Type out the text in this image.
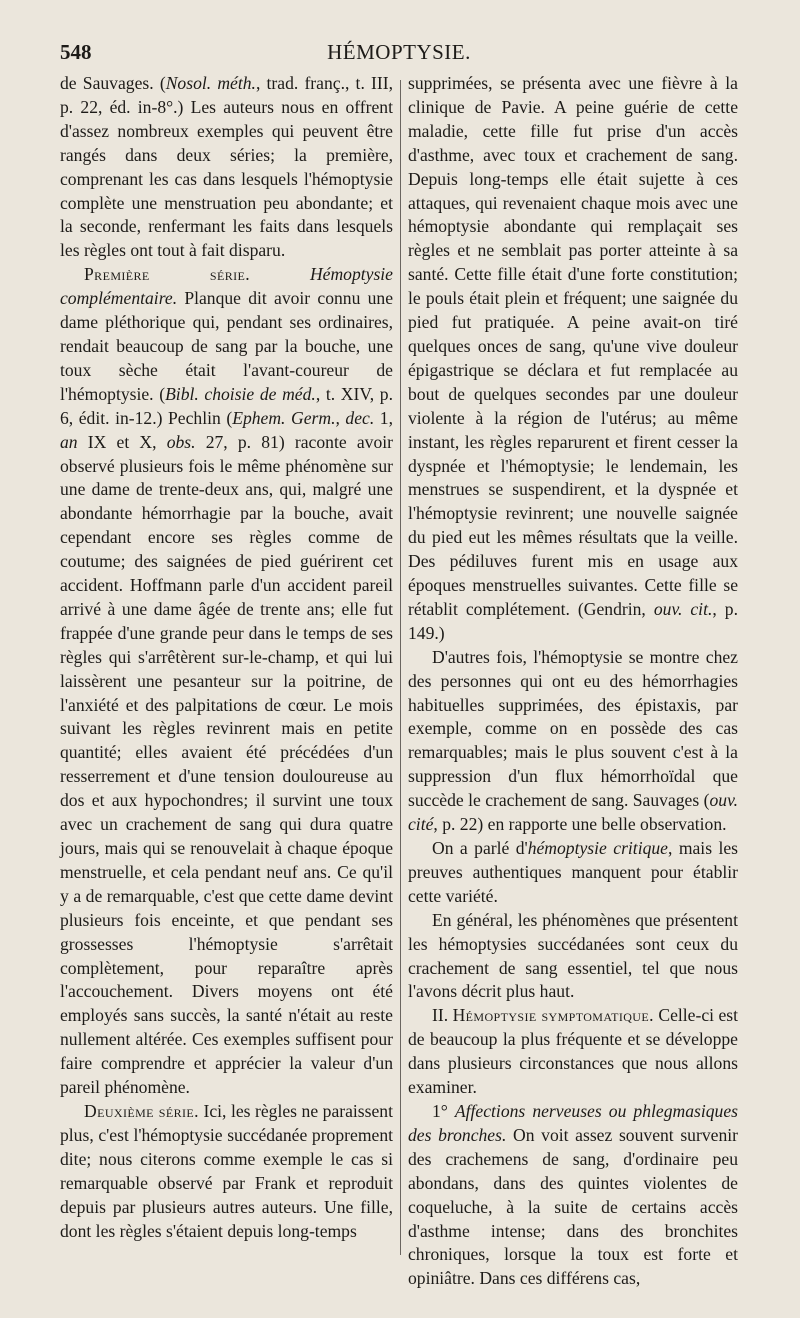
548	HÉMOPTYSIE.

de Sauvages. (Nosol. méth., trad. franç., t. III, p. 22, éd. in-8°.) Les auteurs nous en offrent d'assez nombreux exemples qui peuvent être rangés dans deux séries; la première, comprenant les cas dans lesquels l'hémoptysie complète une menstruation peu abondante; et la seconde, renfermant les faits dans lesquels les règles ont tout à fait disparu.

Première série.	Hémoptysie complémentaire. Planque dit avoir connu une dame pléthorique qui, pendant ses ordinaires, rendait beaucoup de sang par la bouche, une toux sèche était l'avant-coureur de l'hémoptysie. (Bibl. choisie de méd., t. XIV, p. 6, édit. in-12.) Pechlin (Ephem. Germ., dec. 1, an IX et X, obs. 27, p. 81) raconte avoir observé plusieurs fois le même phénomène sur une dame de trente-deux ans, qui, malgré une abondante hémorrhagie par la bouche, avait cependant encore ses règles comme de coutume; des saignées de pied guérirent cet accident. Hoffmann parle d'un accident pareil arrivé à une dame âgée de trente ans; elle fut frappée d'une grande peur dans le temps de ses règles qui s'arrêtèrent sur-le-champ, et qui lui laissèrent une pesanteur sur la poitrine, de l'anxiété et des palpitations de cœur. Le mois suivant les règles revinrent mais en petite quantité; elles avaient été précédées d'un resserrement et d'une tension douloureuse au dos et aux hypochondres; il survint une toux avec un crachement de sang qui dura quatre jours, mais qui se renouvelait à chaque époque menstruelle, et cela pendant neuf ans. Ce qu'il y a de remarquable, c'est que cette dame devint plusieurs fois enceinte, et que pendant ses grossesses l'hémoptysie s'arrêtait complètement, pour reparaître après l'accouchement. Divers moyens ont été employés sans succès, la santé n'était au reste nullement altérée. Ces exemples suffisent pour faire comprendre et apprécier la valeur d'un pareil phénomène.

Deuxième série. Ici, les règles ne paraissent plus, c'est l'hémoptysie succédanée proprement dite; nous citerons comme exemple le cas si remarquable observé par Frank et reproduit depuis par plusieurs autres auteurs. Une fille, dont les règles s'étaient depuis long-temps

supprimées, se présenta avec une fièvre à la clinique de Pavie. A peine guérie de cette maladie, cette fille fut prise d'un accès d'asthme, avec toux et crachement de sang. Depuis long-temps elle était sujette à ces attaques, qui revenaient chaque mois avec une hémoptysie abondante qui remplaçait ses règles et ne semblait pas porter atteinte à sa santé. Cette fille était d'une forte constitution; le pouls était plein et fréquent; une saignée du pied fut pratiquée. A peine avait-on tiré quelques onces de sang, qu'une vive douleur épigastrique se déclara et fut remplacée au bout de quelques secondes par une douleur violente à la région de l'utérus; au même instant, les règles reparurent et firent cesser la dyspnée et l'hémoptysie; le lendemain, les menstrues se suspendirent, et la dyspnée et l'hémoptysie revinrent; une nouvelle saignée du pied eut les mêmes résultats que la veille. Des pédiluves furent mis en usage aux époques menstruelles suivantes. Cette fille se rétablit complétement. (Gendrin, ouv. cit., p. 149.)

D'autres fois, l'hémoptysie se montre chez des personnes qui ont eu des hémorrhagies habituelles supprimées, des épistaxis, par exemple, comme on en possède des cas remarquables; mais le plus souvent c'est à la suppression d'un flux hémorrhoïdal que succède le crachement de sang. Sauvages (ouv. cité, p. 22) en rapporte une belle observation.

On a parlé d'hémoptysie critique, mais les preuves authentiques manquent pour établir cette variété.

En général, les phénomènes que présentent les hémoptysies succédanées sont ceux du crachement de sang essentiel, tel que nous l'avons décrit plus haut.

II. Hémoptysie symptomatique. Celle-ci est de beaucoup la plus fréquente et se développe dans plusieurs circonstances que nous allons examiner.

1° Affections nerveuses ou phlegmasiques des bronches. On voit assez souvent survenir des crachemens de sang, d'ordinaire peu abondans, dans des quintes violentes de coqueluche, à la suite de certains accès d'asthme intense; dans des bronchites chroniques, lorsque la toux est forte et opiniâtre. Dans ces différens cas,
